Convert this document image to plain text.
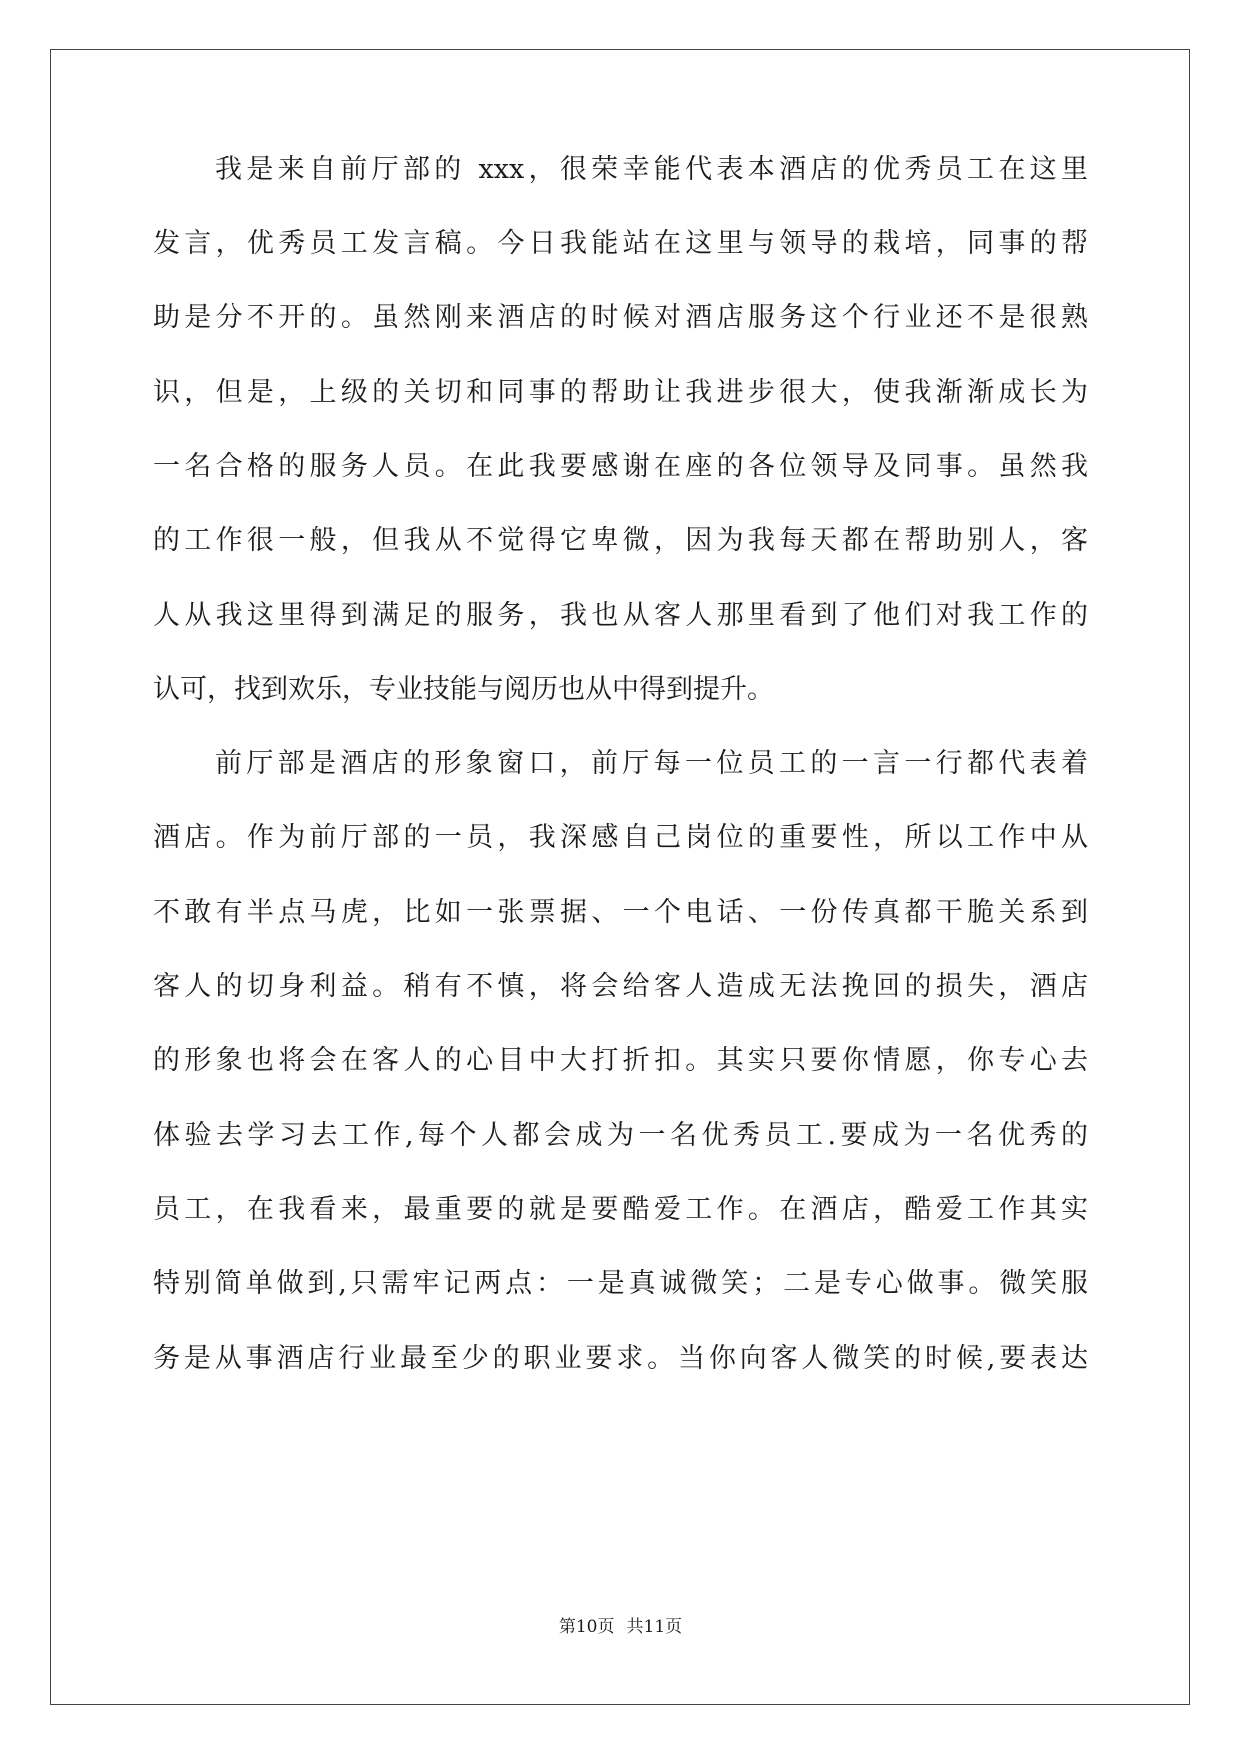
我是来自前厅部的 xxx，很荣幸能代表本酒店的优秀员工在这里
发言，优秀员工发言稿。今日我能站在这里与领导的栽培，同事的帮
助是分不开的。虽然刚来酒店的时候对酒店服务这个行业还不是很熟
识，但是，上级的关切和同事的帮助让我进步很大，使我渐渐成长为
一名合格的服务人员。在此我要感谢在座的各位领导及同事。虽然我
的工作很一般，但我从不觉得它卑微，因为我每天都在帮助别人，客
人从我这里得到满足的服务，我也从客人那里看到了他们对我工作的
认可，找到欢乐，专业技能与阅历也从中得到提升。
前厅部是酒店的形象窗口，前厅每一位员工的一言一行都代表着
酒店。作为前厅部的一员，我深感自己岗位的重要性，所以工作中从
不敢有半点马虎，比如一张票据、一个电话、一份传真都干脆关系到
客人的切身利益。稍有不慎，将会给客人造成无法挽回的损失，酒店
的形象也将会在客人的心目中大打折扣。其实只要你情愿，你专心去
体验去学习去工作,每个人都会成为一名优秀员工.要成为一名优秀的
员工，在我看来，最重要的就是要酷爱工作。在酒店，酷爱工作其实
特别简单做到,只需牢记两点：一是真诚微笑；二是专心做事。微笑服
务是从事酒店行业最至少的职业要求。当你向客人微笑的时候,要表达
第10页 共11页
